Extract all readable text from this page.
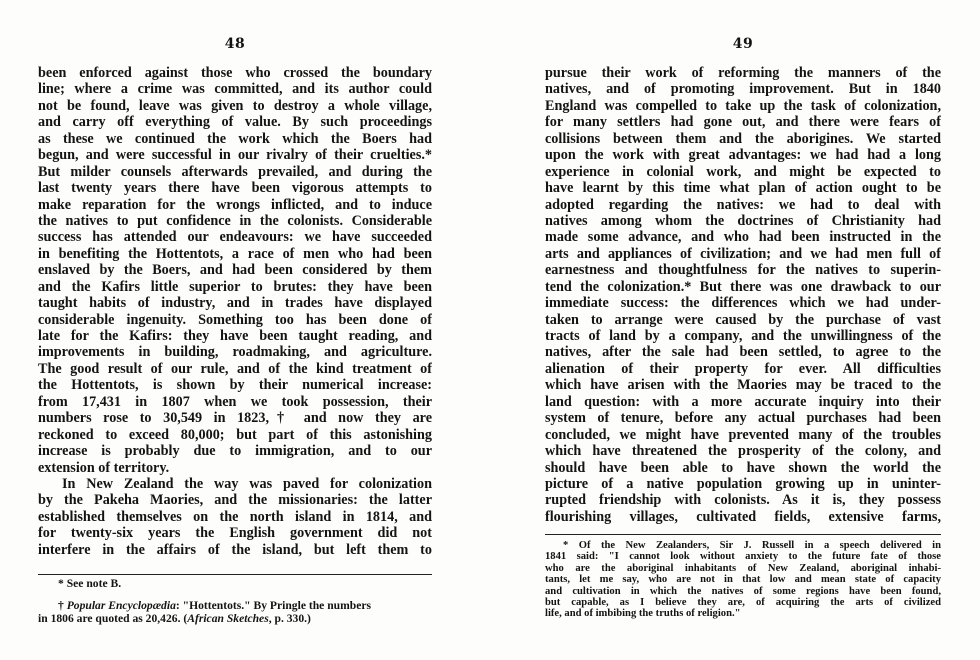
48
been enforced against those who crossed the boundary
line; where a crime was committed, and its author could
not be found, leave was given to destroy a whole village,
and carry off everything of value. By such proceedings
as these we continued the work which the Boers had
begun, and were successful in our rivalry of their cruelties.*
But milder counsels afterwards prevailed, and during the
last twenty years there have been vigorous attempts to
make reparation for the wrongs inflicted, and to induce
the natives to put confidence in the colonists. Considerable
success has attended our endeavours: we have succeeded
in benefiting the Hottentots, a race of men who had been
enslaved by the Boers, and had been considered by them
and the Kafirs little superior to brutes: they have been
taught habits of industry, and in trades have displayed
considerable ingenuity. Something too has been done of
late for the Kafirs: they have been taught reading, and
improvements in building, roadmaking, and agriculture.
The good result of our rule, and of the kind treatment of
the Hottentots, is shown by their numerical increase:
from 17,431 in 1807 when we took possession, their
numbers rose to 30,549 in 1823,† and now they are
reckoned to exceed 80,000; but part of this astonishing
increase is probably due to immigration, and to our
extension of territory.
In New Zealand the way was paved for colonization
by the Pakeha Maories, and the missionaries: the latter
established themselves on the north island in 1814, and
for twenty-six years the English government did not
interfere in the affairs of the island, but left them to
* See note B.
† Popular Encyclopædia: "Hottentots." By Pringle the numbers
in 1806 are quoted as 20,426. (African Sketches, p. 330.)
49
pursue their work of reforming the manners of the
natives, and of promoting improvement. But in 1840
England was compelled to take up the task of colonization,
for many settlers had gone out, and there were fears of
collisions between them and the aborigines. We started
upon the work with great advantages: we had had a long
experience in colonial work, and might be expected to
have learnt by this time what plan of action ought to be
adopted regarding the natives: we had to deal with
natives among whom the doctrines of Christianity had
made some advance, and who had been instructed in the
arts and appliances of civilization; and we had men full of
earnestness and thoughtfulness for the natives to superin-
tend the colonization.* But there was one drawback to our
immediate success: the differences which we had under-
taken to arrange were caused by the purchase of vast
tracts of land by a company, and the unwillingness of the
natives, after the sale had been settled, to agree to the
alienation of their property for ever. All difficulties
which have arisen with the Maories may be traced to the
land question: with a more accurate inquiry into their
system of tenure, before any actual purchases had been
concluded, we might have prevented many of the troubles
which have threatened the prosperity of the colony, and
should have been able to have shown the world the
picture of a native population growing up in uninter-
rupted friendship with colonists. As it is, they possess
flourishing villages, cultivated fields, extensive farms,
* Of the New Zealanders, Sir J. Russell in a speech delivered in
1841 said: "I cannot look without anxiety to the future fate of those
who are the aboriginal inhabitants of New Zealand, aboriginal inhabi-
tants, let me say, who are not in that low and mean state of capacity
and cultivation in which the natives of some regions have been found,
but capable, as I believe they are, of acquiring the arts of civilized
life, and of imbibing the truths of religion."
